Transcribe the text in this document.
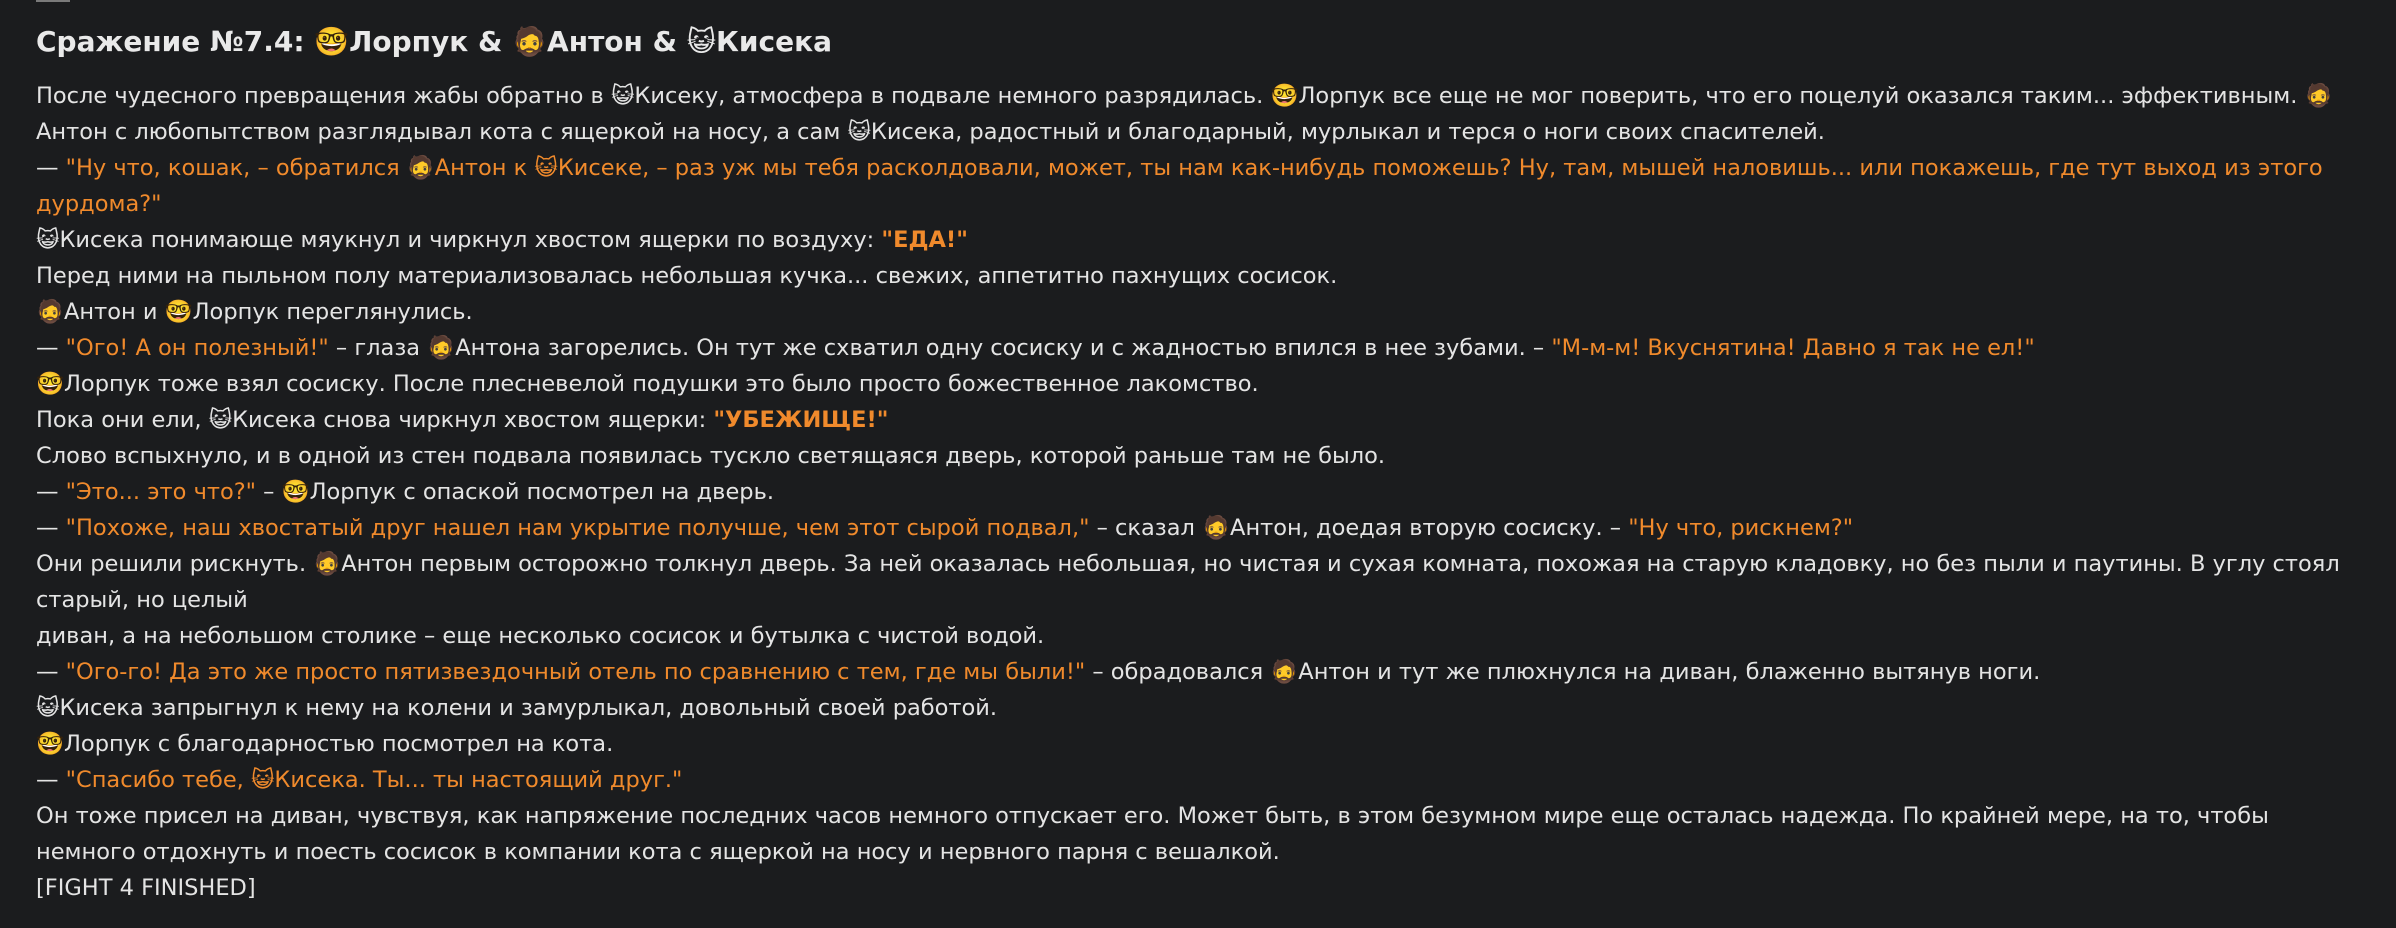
Сражение №7.4: 🤓Лорпук & 🧔Антон & 😺Кисека

После чудесного превращения жабы обратно в 😺Кисеку, атмосфера в подвале немного разрядилась. 🤓Лорпук все еще не мог поверить, что его поцелуй оказался таким... эффективным. 🧔Антон с любопытством разглядывал кота с ящеркой на носу, а сам 😺Кисека, радостный и благодарный, мурлыкал и терся о ноги своих спасителей.

— "Ну что, кошак, – обратился 🧔Антон к 😺Кисеке, – раз уж мы тебя расколдовали, может, ты нам как-нибудь поможешь? Ну, там, мышей наловишь... или покажешь, где тут выход из этого дурдома?"

😺Кисека понимающе мяукнул и чиркнул хвостом ящерки по воздуху: "ЕДА!"

Перед ними на пыльном полу материализовалась небольшая кучка... свежих, аппетитно пахнущих сосисок.

🧔Антон и 🤓Лорпук переглянулись.

— "Ого! А он полезный!" – глаза 🧔Антона загорелись. Он тут же схватил одну сосиску и с жадностью впился в нее зубами. – "М-м-м! Вкуснятина! Давно я так не ел!"

🤓Лорпук тоже взял сосиску. После плесневелой подушки это было просто божественное лакомство.

Пока они ели, 😺Кисека снова чиркнул хвостом ящерки: "УБЕЖИЩЕ!"

Слово вспыхнуло, и в одной из стен подвала появилась тускло светящаяся дверь, которой раньше там не было.

— "Это... это что?" – 🤓Лорпук с опаской посмотрел на дверь.

— "Похоже, наш хвостатый друг нашел нам укрытие получше, чем этот сырой подвал," – сказал 🧔Антон, доедая вторую сосиску. – "Ну что, рискнем?"

Они решили рискнуть. 🧔Антон первым осторожно толкнул дверь. За ней оказалась небольшая, но чистая и сухая комната, похожая на старую кладовку, но без пыли и паутины. В углу стоял старый, но целый

диван, а на небольшом столике – еще несколько сосисок и бутылка с чистой водой.

— "Ого-го! Да это же просто пятизвездочный отель по сравнению с тем, где мы были!" – обрадовался 🧔Антон и тут же плюхнулся на диван, блаженно вытянув ноги.

😺Кисека запрыгнул к нему на колени и замурлыкал, довольный своей работой.

🤓Лорпук с благодарностью посмотрел на кота.

— "Спасибо тебе, 😺Кисека. Ты... ты настоящий друг."

Он тоже присел на диван, чувствуя, как напряжение последних часов немного отпускает его. Может быть, в этом безумном мире еще осталась надежда. По крайней мере, на то, чтобы немного отдохнуть и поесть сосисок в компании кота с ящеркой на носу и нервного парня с вешалкой.

[FIGHT 4 FINISHED]
